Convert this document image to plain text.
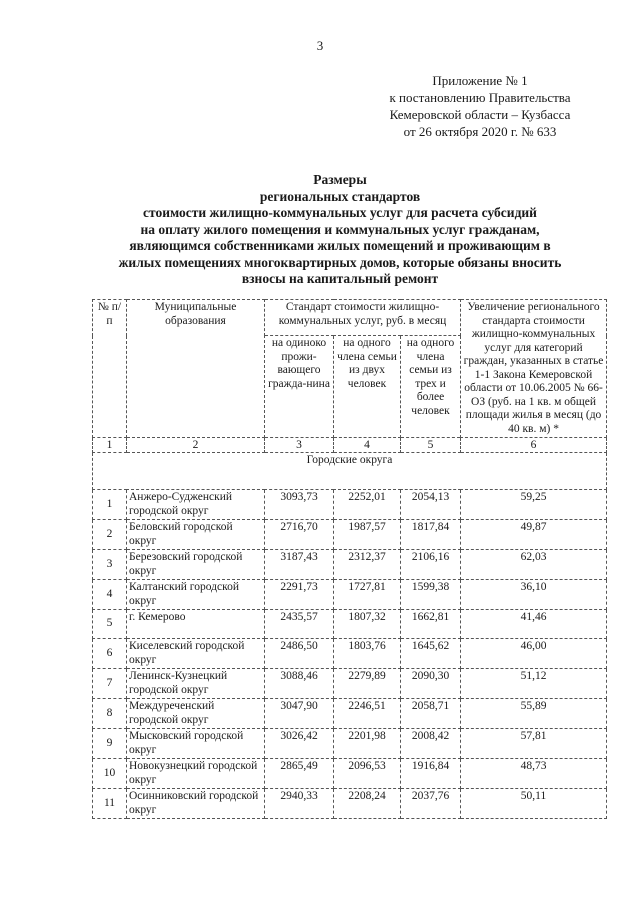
3
Приложение № 1
к постановлению Правительства
Кемеровской области – Кузбасса
от 26 октября 2020 г. № 633
Размеры
региональных стандартов
стоимости жилищно-коммунальных услуг для расчета субсидий
на оплату жилого помещения и коммунальных услуг гражданам,
являющимся собственниками жилых помещений и проживающим в
жилых помещениях многоквартирных домов, которые обязаны вносить
взносы на капитальный ремонт
№ п/п	Муниципальные образования	Стандарт стоимости жилищно-коммунальных услуг, руб. в месяц			Увеличение регионального стандарта стоимости жилищно-коммунальных услуг для категорий граждан, указанных в статье 1-1 Закона Кемеровской области от 10.06.2005 № 66-ОЗ (руб. на 1 кв. м общей площади жилья в месяц (до 40 кв. м) *
		на одиноко прожи-вающего гражда-нина	на одного члена семьи из двух человек	на одного члена семьи из трех и более человек	
1	2	3	4	5	6
Городские округа					
1	Анжеро-Судженский городской округ	3093,73	2252,01	2054,13	59,25
2	Беловский городской округ	2716,70	1987,57	1817,84	49,87
3	Березовский городской округ	3187,43	2312,37	2106,16	62,03
4	Калтанский городской округ	2291,73	1727,81	1599,38	36,10
5	г. Кемерово	2435,57	1807,32	1662,81	41,46
6	Киселевский городской округ	2486,50	1803,76	1645,62	46,00
7	Ленинск-Кузнецкий городской округ	3088,46	2279,89	2090,30	51,12
8	Междуреченский городской округ	3047,90	2246,51	2058,71	55,89
9	Мысковский городской округ	3026,42	2201,98	2008,42	57,81
10	Новокузнецкий городской округ	2865,49	2096,53	1916,84	48,73
11	Осинниковский городской округ	2940,33	2208,24	2037,76	50,11
